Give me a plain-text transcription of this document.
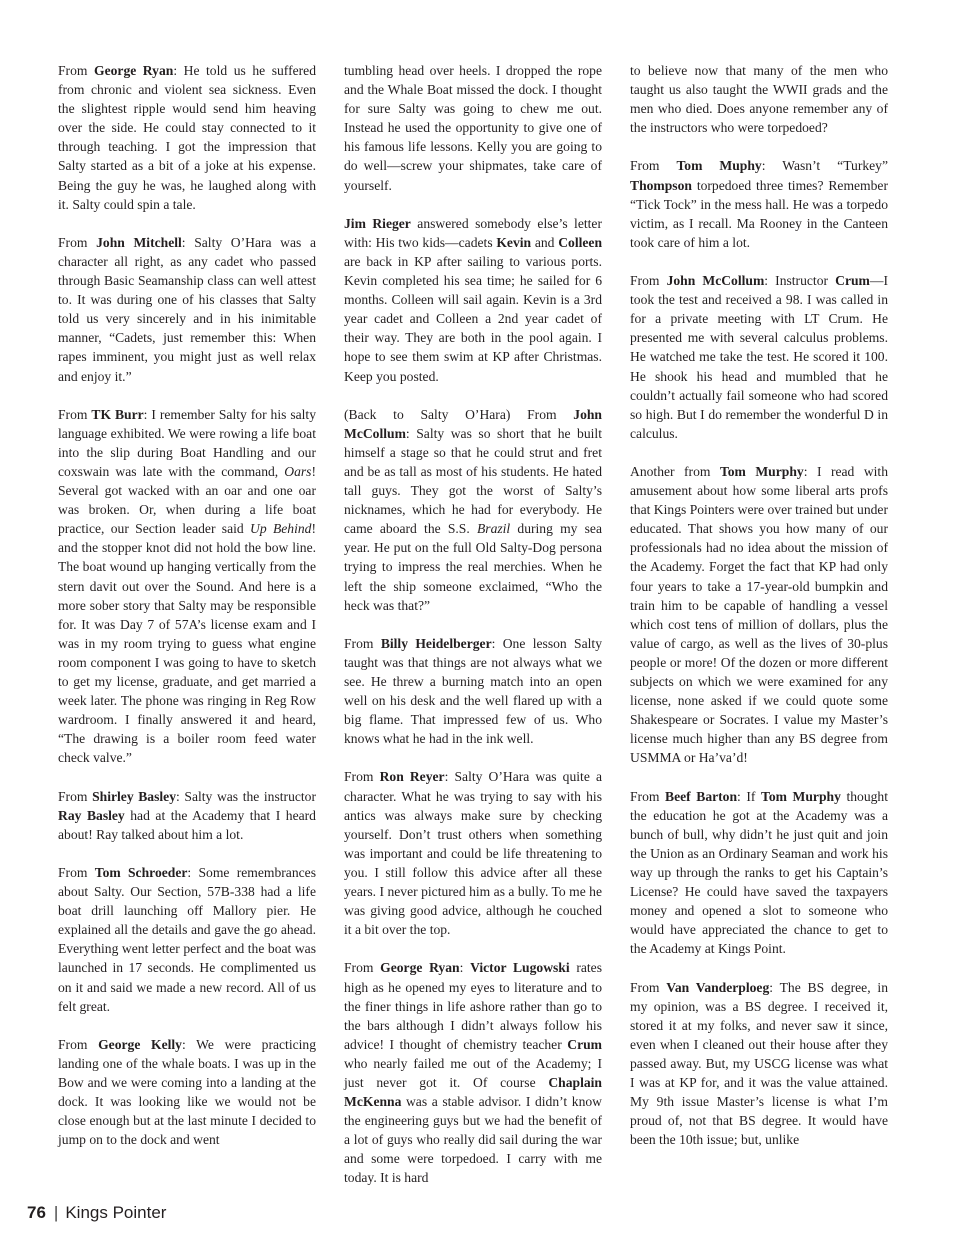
From George Ryan: He told us he suffered from chronic and violent sea sickness. Even the slightest ripple would send him heaving over the side. He could stay connected to it through teaching. I got the impression that Salty started as a bit of a joke at his expense. Being the guy he was, he laughed along with it. Salty could spin a tale.

From John Mitchell: Salty O’Hara was a character all right, as any cadet who passed through Basic Seamanship class can well attest to. It was during one of his classes that Salty told us very sincerely and in his inimitable manner, “Cadets, just remember this: When rapes imminent, you might just as well relax and enjoy it.”

From TK Burr: I remember Salty for his salty language exhibited. We were rowing a life boat into the slip during Boat Handling and our coxswain was late with the command, Oars! Several got wacked with an oar and one oar was broken. Or, when during a life boat practice, our Section leader said Up Behind! and the stopper knot did not hold the bow line. The boat wound up hanging vertically from the stern davit out over the Sound. And here is a more sober story that Salty may be responsible for. It was Day 7 of 57A’s license exam and I was in my room trying to guess what engine room component I was going to have to sketch to get my license, graduate, and get married a week later. The phone was ringing in Reg Row wardroom. I finally answered it and heard, “The drawing is a boiler room feed water check valve.”

From Shirley Basley: Salty was the instructor Ray Basley had at the Academy that I heard about! Ray talked about him a lot.

From Tom Schroeder: Some remembrances about Salty. Our Section, 57B-338 had a life boat drill launching off Mallory pier. He explained all the details and gave the go ahead. Everything went letter perfect and the boat was launched in 17 seconds. He complimented us on it and said we made a new record. All of us felt great.

From George Kelly: We were practicing landing one of the whale boats. I was up in the Bow and we were coming into a landing at the dock. It was looking like we would not be close enough but at the last minute I decided to jump on to the dock and went

tumbling head over heels. I dropped the rope and the Whale Boat missed the dock. I thought for sure Salty was going to chew me out. Instead he used the opportunity to give one of his famous life lessons. Kelly you are going to do well—screw your shipmates, take care of yourself.

Jim Rieger answered somebody else’s letter with: His two kids—cadets Kevin and Colleen are back in KP after sailing to various ports. Kevin completed his sea time; he sailed for 6 months. Colleen will sail again. Kevin is a 3rd year cadet and Colleen a 2nd year cadet of their way. They are both in the pool again. I hope to see them swim at KP after Christmas. Keep you posted.

(Back to Salty O’Hara) From John McCollum: Salty was so short that he built himself a stage so that he could strut and fret and be as tall as most of his students. He hated tall guys. They got the worst of Salty’s nicknames, which he had for everybody. He came aboard the S.S. Brazil during my sea year. He put on the full Old Salty-Dog persona trying to impress the real merchies. When he left the ship someone exclaimed, “Who the heck was that?”

From Billy Heidelberger: One lesson Salty taught was that things are not always what we see. He threw a burning match into an open well on his desk and the well flared up with a big flame. That impressed few of us. Who knows what he had in the ink well.

From Ron Reyer: Salty O’Hara was quite a character. What he was trying to say with his antics was always make sure by checking yourself. Don’t trust others when something was important and could be life threatening to you. I still follow this advice after all these years. I never pictured him as a bully. To me he was giving good advice, although he couched it a bit over the top.

From George Ryan: Victor Lugowski rates high as he opened my eyes to literature and to the finer things in life ashore rather than go to the bars although I didn’t always follow his advice! I thought of chemistry teacher Crum who nearly failed me out of the Academy; I just never got it. Of course Chaplain McKenna was a stable advisor. I didn’t know the engineering guys but we had the benefit of a lot of guys who really did sail during the war and some were torpedoed. I carry with me today. It is hard

to believe now that many of the men who taught us also taught the WWII grads and the men who died. Does anyone remember any of the instructors who were torpedoed?

From Tom Muphy: Wasn’t “Turkey” Thompson torpedoed three times? Remember “Tick Tock” in the mess hall. He was a torpedo victim, as I recall. Ma Rooney in the Canteen took care of him a lot.

From John McCollum: Instructor Crum—I took the test and received a 98. I was called in for a private meeting with LT Crum. He presented me with several calculus problems. He watched me take the test. He scored it 100. He shook his head and mumbled that he couldn’t actually fail someone who had scored so high. But I do remember the wonderful D in calculus.

Another from Tom Murphy: I read with amusement about how some liberal arts profs that Kings Pointers were over trained but under educated. That shows you how many of our professionals had no idea about the mission of the Academy. Forget the fact that KP had only four years to take a 17-year-old bumpkin and train him to be capable of handling a vessel which cost tens of million of dollars, plus the value of cargo, as well as the lives of 30-plus people or more! Of the dozen or more different subjects on which we were examined for any license, none asked if we could quote some Shakespeare or Socrates. I value my Master’s license much higher than any BS degree from USMMA or Ha’va’d!

From Beef Barton: If Tom Murphy thought the education he got at the Academy was a bunch of bull, why didn’t he just quit and join the Union as an Ordinary Seaman and work his way up through the ranks to get his Captain’s License? He could have saved the taxpayers money and opened a slot to someone who would have appreciated the chance to get to the Academy at Kings Point.

From Van Vanderploeg: The BS degree, in my opinion, was a BS degree. I received it, stored it at my folks, and never saw it since, even when I cleaned out their house after they passed away. But, my USCG license was what I was at KP for, and it was the value attained. My 9th issue Master’s license is what I’m proud of, not that BS degree. It would have been the 10th issue; but, unlike

76 | Kings Pointer
